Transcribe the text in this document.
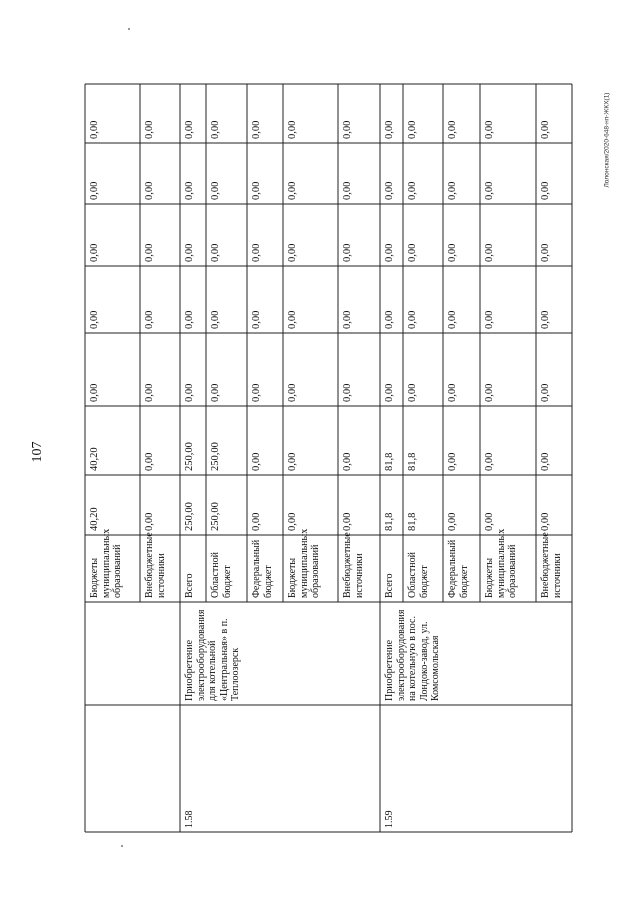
107
Лолонская/2020-648-нп-ЖКХ(1)
Бюджеты муниципальных образований
40,20
40,20
0,00
0,00
0,00
0,00
0,00
Внебюджетные источники
0,00
0,00
0,00
0,00
0,00
0,00
0,00
Всего
250,00
250,00
0,00
0,00
0,00
0,00
0,00
1.58
Приобретение электрооборудования для котельной «Центральная» в п. Теплоозерск
Областной бюджет
250,00
250,00
0,00
0,00
0,00
0,00
0,00
Федеральный бюджет
0,00
0,00
0,00
0,00
0,00
0,00
0,00
Бюджеты муниципальных образований
0,00
0,00
0,00
0,00
0,00
0,00
0,00
Внебюджетные источники
0,00
0,00
0,00
0,00
0,00
0,00
0,00
Всего
81,8
81,8
0,00
0,00
0,00
0,00
0,00
1.59
Приобретение электрооборудования на котельную в пос. Лондоко-завод, ул. Комсомольская
Областной бюджет
81,8
81,8
0,00
0,00
0,00
0,00
0,00
Федеральный бюджет
0,00
0,00
0,00
0,00
0,00
0,00
0,00
Бюджеты муниципальных образований
0,00
0,00
0,00
0,00
0,00
0,00
0,00
Внебюджетные источники
0,00
0,00
0,00
0,00
0,00
0,00
0,00
